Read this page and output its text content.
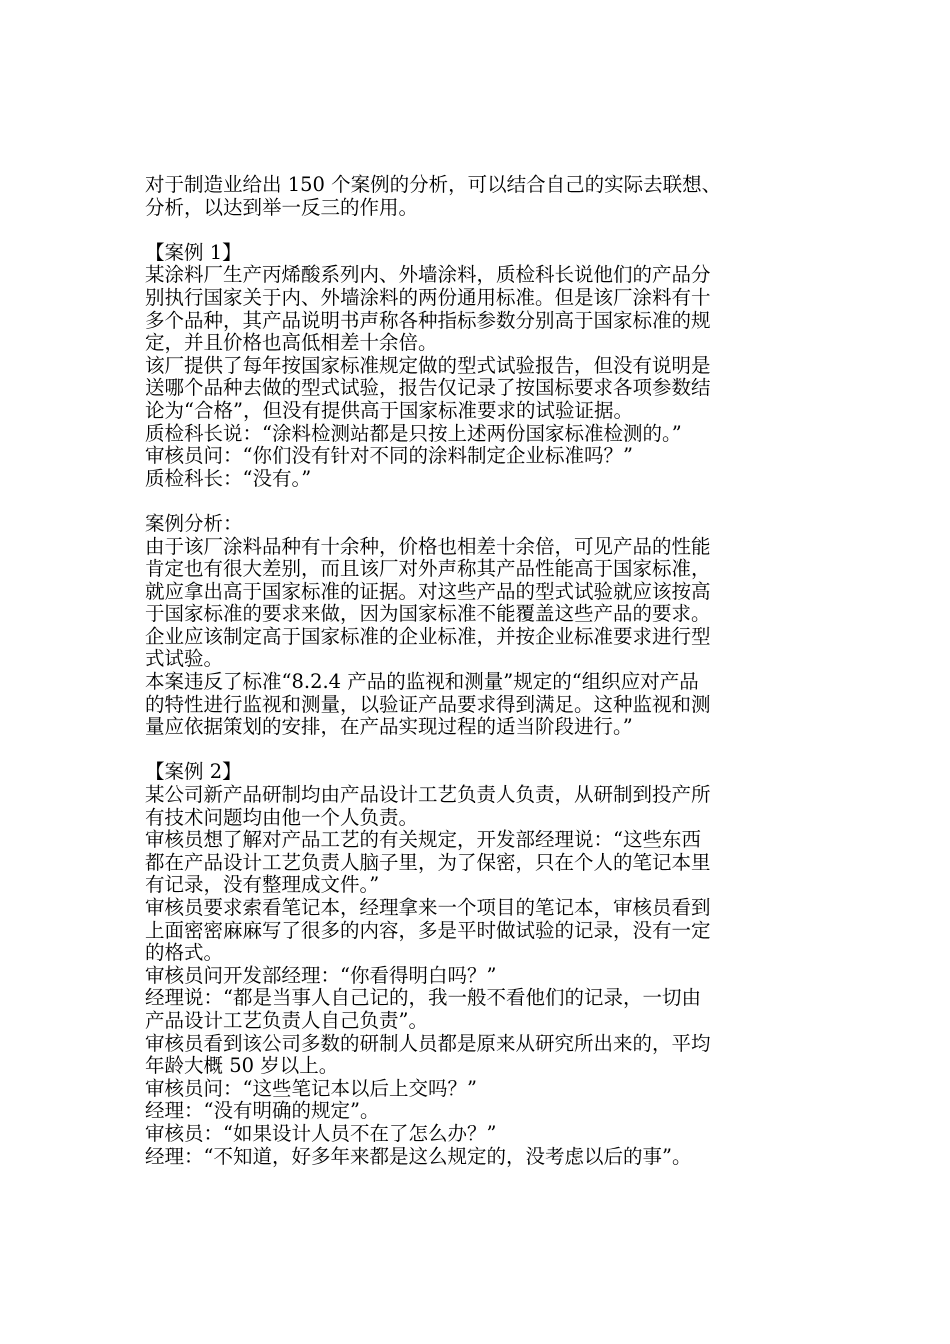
对于制造业给出 150 个案例的分析，可以结合自己的实际去联想、
分析，以达到举一反三的作用。
【案例 1】
某涂料厂生产丙烯酸系列内、外墙涂料，质检科长说他们的产品分
别执行国家关于内、外墙涂料的两份通用标准。但是该厂涂料有十
多个品种，其产品说明书声称各种指标参数分别高于国家标准的规
定，并且价格也高低相差十余倍。
该厂提供了每年按国家标准规定做的型式试验报告，但没有说明是
送哪个品种去做的型式试验，报告仅记录了按国标要求各项参数结
论为“合格”，但没有提供高于国家标准要求的试验证据。
质检科长说：“涂料检测站都是只按上述两份国家标准检测的。”
审核员问：“你们没有针对不同的涂料制定企业标准吗？”
质检科长：“没有。”
案例分析：
由于该厂涂料品种有十余种，价格也相差十余倍，可见产品的性能
肯定也有很大差别，而且该厂对外声称其产品性能高于国家标准，
就应拿出高于国家标准的证据。对这些产品的型式试验就应该按高
于国家标准的要求来做，因为国家标准不能覆盖这些产品的要求。
企业应该制定高于国家标准的企业标准，并按企业标准要求进行型
式试验。
本案违反了标准“8.2.4 产品的监视和测量”规定的“组织应对产品
的特性进行监视和测量，以验证产品要求得到满足。这种监视和测
量应依据策划的安排，在产品实现过程的适当阶段进行。”
【案例 2】
某公司新产品研制均由产品设计工艺负责人负责，从研制到投产所
有技术问题均由他一个人负责。
审核员想了解对产品工艺的有关规定，开发部经理说：“这些东西
都在产品设计工艺负责人脑子里，为了保密，只在个人的笔记本里
有记录，没有整理成文件。”
审核员要求索看笔记本，经理拿来一个项目的笔记本，审核员看到
上面密密麻麻写了很多的内容，多是平时做试验的记录，没有一定
的格式。
审核员问开发部经理：“你看得明白吗？”
经理说：“都是当事人自己记的，我一般不看他们的记录，一切由
产品设计工艺负责人自己负责”。
审核员看到该公司多数的研制人员都是原来从研究所出来的，平均
年龄大概 50 岁以上。
审核员问：“这些笔记本以后上交吗？”
经理：“没有明确的规定”。
审核员：“如果设计人员不在了怎么办？”
经理：“不知道，好多年来都是这么规定的，没考虑以后的事”。
